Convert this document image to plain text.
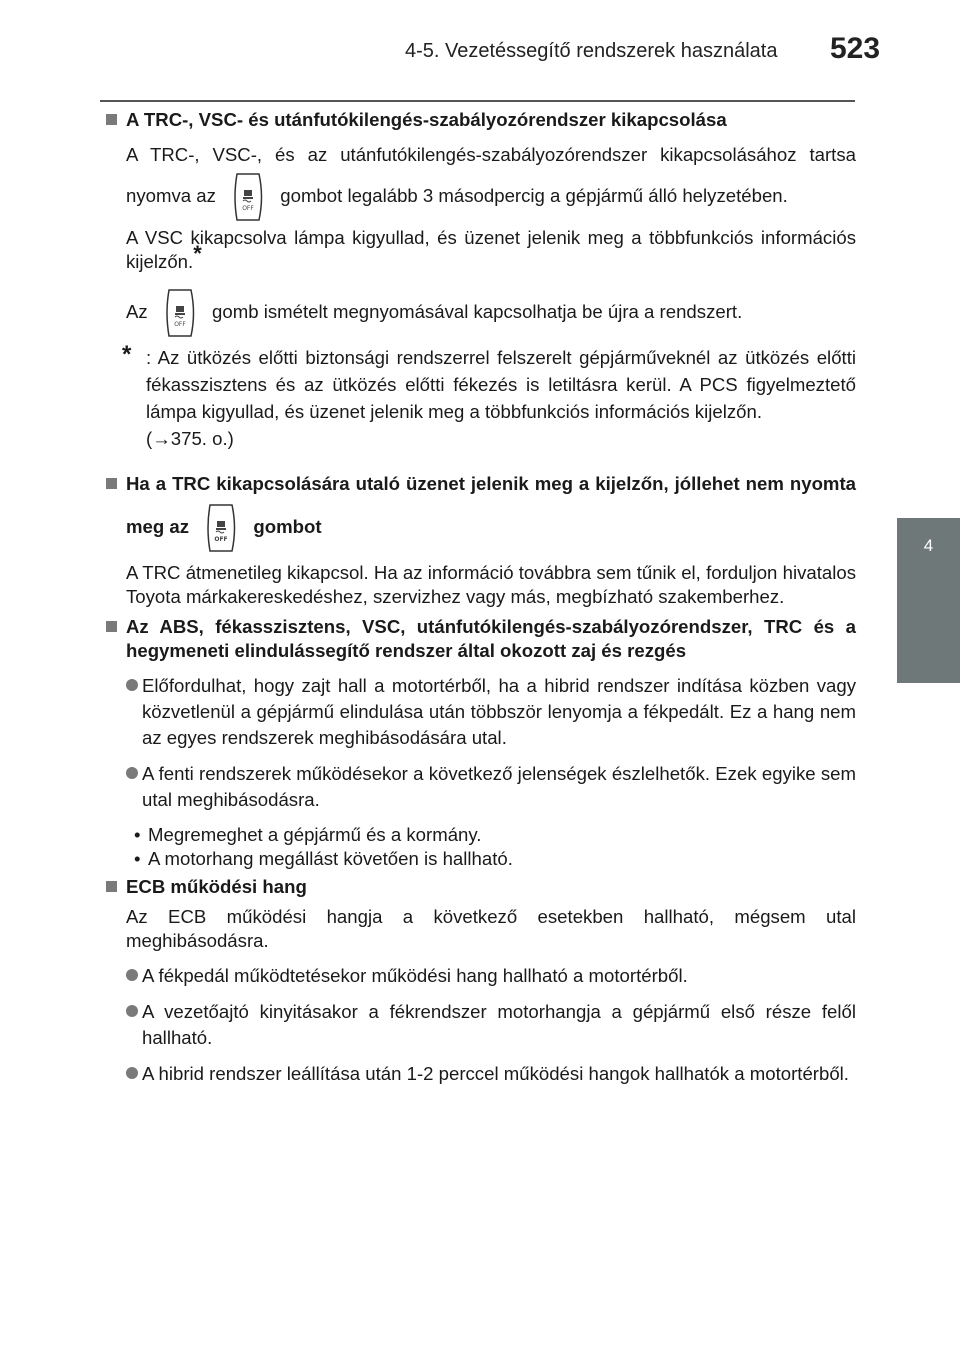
4-5. Vezetéssegítő rendszerek használata 523
4
Vezetés
A TRC-, VSC- és utánfutókilengés-szabályozórendszer kikapcsolása

A TRC-, VSC-, és az utánfutókilengés-szabályozórendszer kikapcsolásához tartsa nyomva az
OFF
gombot legalább 3 másodpercig a gépjármű álló helyzetében.

A VSC kikapcsolva lámpa kigyullad, és üzenet jelenik meg a többfunkciós információs kijelzőn.*

Az
OFF
gomb ismételt megnyomásával kapcsolhatja be újra a rendszert.

* : Az ütközés előtti biztonsági rendszerrel felszerelt gépjárműveknél az ütközés előtti fékasszisztens és az ütközés előtti fékezés is letiltásra kerül. A PCS figyelmeztető lámpa kigyullad, és üzenet jelenik meg a többfunkciós információs kijelzőn.
(→375. o.)
Ha a TRC kikapcsolására utaló üzenet jelenik meg a kijelzőn, jóllehet nem nyomta meg az
OFF
gombot

A TRC átmenetileg kikapcsol. Ha az információ továbbra sem tűnik el, forduljon hivatalos Toyota márkakereskedéshez, szervizhez vagy más, megbízható szakemberhez.

Az ABS, fékasszisztens, VSC, utánfutókilengés-szabályozórendszer, TRC és a hegymeneti elindulássegítő rendszer által okozott zaj és rezgés
Előfordulhat, hogy zajt hall a motortérből, ha a hibrid rendszer indítása közben vagy közvetlenül a gépjármű elindulása után többször lenyomja a fékpedált. Ez a hang nem az egyes rendszerek meghibásodására utal.
A fenti rendszerek működésekor a következő jelenségek észlelhetők. Ezek egyike sem utal meghibásodásra.
• Megremeghet a gépjármű és a kormány.
• A motorhang megállást követően is hallható.
ECB működési hang

Az ECB működési hangja a következő esetekben hallható, mégsem utal meghibásodásra.

A fékpedál működtetésekor működési hang hallható a motortérből.
A vezetőajtó kinyitásakor a fékrendszer motorhangja a gépjármű első része felől hallható.
A hibrid rendszer leállítása után 1-2 perccel működési hangok hallhatók a motortérből.
